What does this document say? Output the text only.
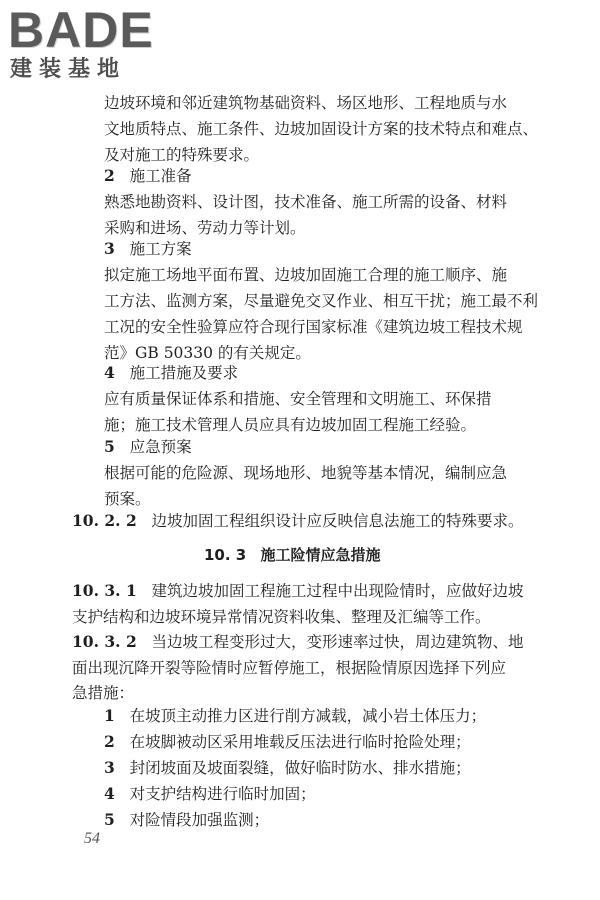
BADE
建装基地
边坡环境和邻近建筑物基础资料、场区地形、工程地质与水
文地质特点、施工条件、边坡加固设计方案的技术特点和难点、
及对施工的特殊要求。
2 施工准备
熟悉地勘资料、设计图，技术准备、施工所需的设备、材料
采购和进场、劳动力等计划。
3 施工方案
拟定施工场地平面布置、边坡加固施工合理的施工顺序、施
工方法、监测方案，尽量避免交叉作业、相互干扰；施工最不利
工况的安全性验算应符合现行国家标准《建筑边坡工程技术规
范》GB 50330 的有关规定。
4 施工措施及要求
应有质量保证体系和措施、安全管理和文明施工、环保措
施；施工技术管理人员应具有边坡加固工程施工经验。
5 应急预案
根据可能的危险源、现场地形、地貌等基本情况，编制应急
预案。
10. 2. 2 边坡加固工程组织设计应反映信息法施工的特殊要求。
10. 3 施工险情应急措施
10. 3. 1 建筑边坡加固工程施工过程中出现险情时，应做好边坡
支护结构和边坡环境异常情况资料收集、整理及汇编等工作。
10. 3. 2 当边坡工程变形过大，变形速率过快，周边建筑物、地
面出现沉降开裂等险情时应暂停施工，根据险情原因选择下列应
急措施：
1 在坡顶主动推力区进行削方减载，减小岩土体压力；
2 在坡脚被动区采用堆载反压法进行临时抢险处理；
3 封闭坡面及坡面裂缝，做好临时防水、排水措施；
4 对支护结构进行临时加固；
5 对险情段加强监测；
54
